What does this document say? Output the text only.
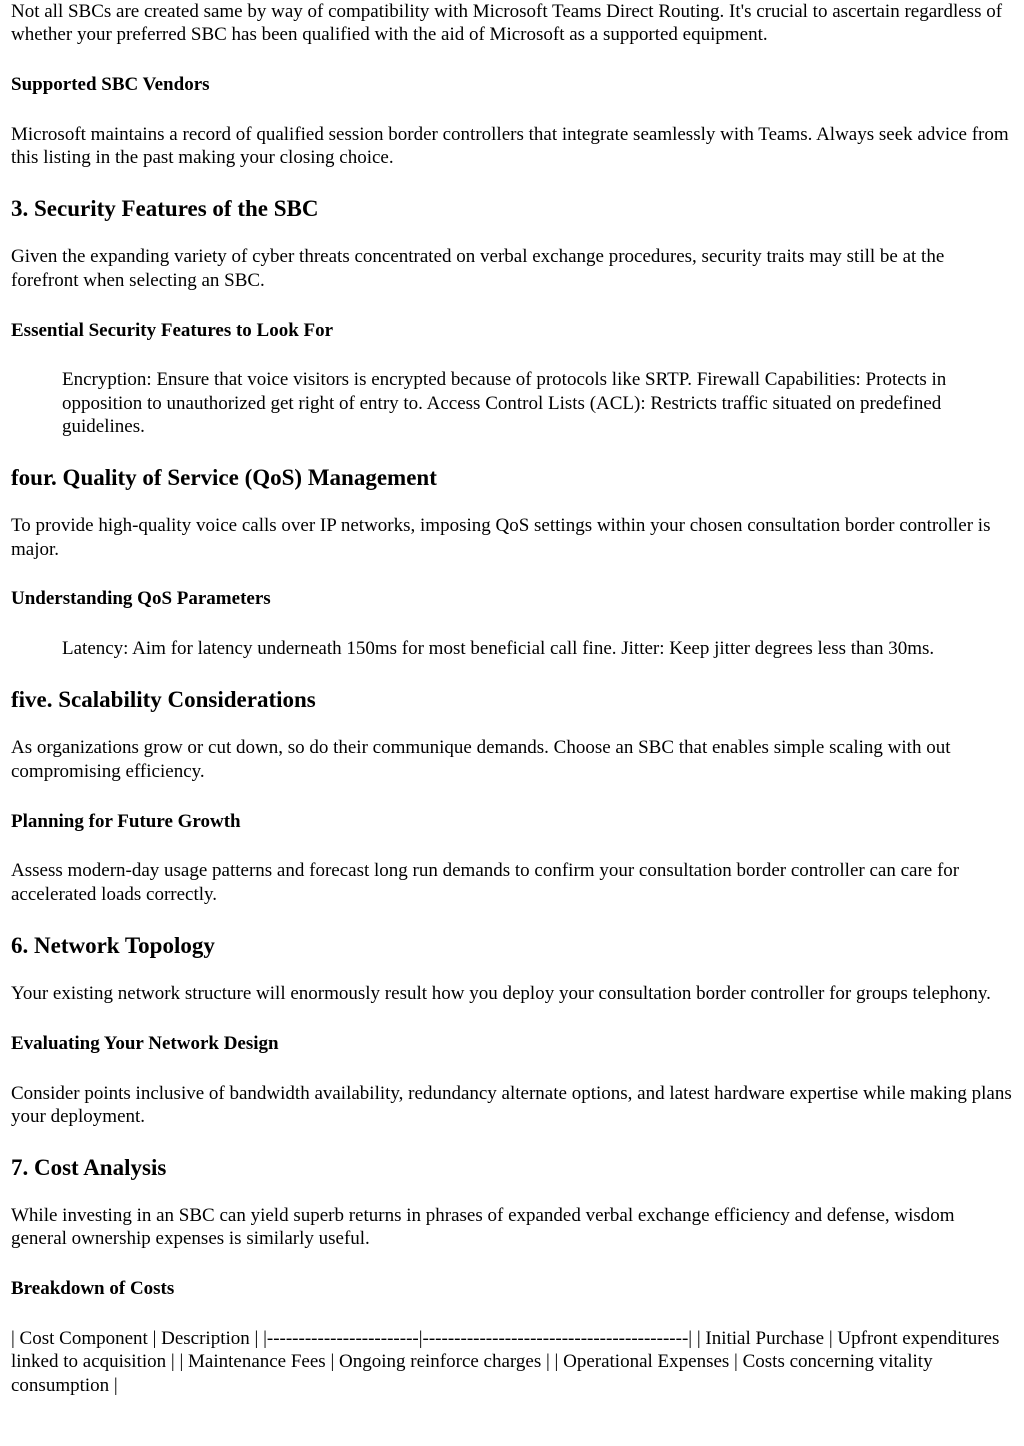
Not all SBCs are created same by way of compatibility with Microsoft Teams Direct Routing. It's crucial to ascertain regardless of whether your preferred SBC has been qualified with the aid of Microsoft as a supported equipment.

Supported SBC Vendors

Microsoft maintains a record of qualified session border controllers that integrate seamlessly with Teams. Always seek advice from this listing in the past making your closing choice.

3. Security Features of the SBC

Given the expanding variety of cyber threats concentrated on verbal exchange procedures, security traits may still be at the forefront when selecting an SBC.

Essential Security Features to Look For
Encryption: Ensure that voice visitors is encrypted because of protocols like SRTP. Firewall Capabilities: Protects in opposition to unauthorized get right of entry to. Access Control Lists (ACL): Restricts traffic situated on predefined guidelines.
four. Quality of Service (QoS) Management

To provide high-quality voice calls over IP networks, imposing QoS settings within your chosen consultation border controller is major.

Understanding QoS Parameters
Latency: Aim for latency underneath 150ms for most beneficial call fine. Jitter: Keep jitter degrees less than 30ms.
five. Scalability Considerations

As organizations grow or cut down, so do their communique demands. Choose an SBC that enables simple scaling with out compromising efficiency.

Planning for Future Growth

Assess modern-day usage patterns and forecast long run demands to confirm your consultation border controller can care for accelerated loads correctly.

6. Network Topology

Your existing network structure will enormously result how you deploy your consultation border controller for groups telephony.

Evaluating Your Network Design

Consider points inclusive of bandwidth availability, redundancy alternate options, and latest hardware expertise while making plans your deployment.

7. Cost Analysis

While investing in an SBC can yield superb returns in phrases of expanded verbal exchange efficiency and defense, wisdom general ownership expenses is similarly useful.

Breakdown of Costs

| Cost Component | Description | |------------------------|------------------------------------------| | Initial Purchase | Upfront expenditures linked to acquisition | | Maintenance Fees | Ongoing reinforce charges | | Operational Expenses | Costs concerning vitality consumption |
